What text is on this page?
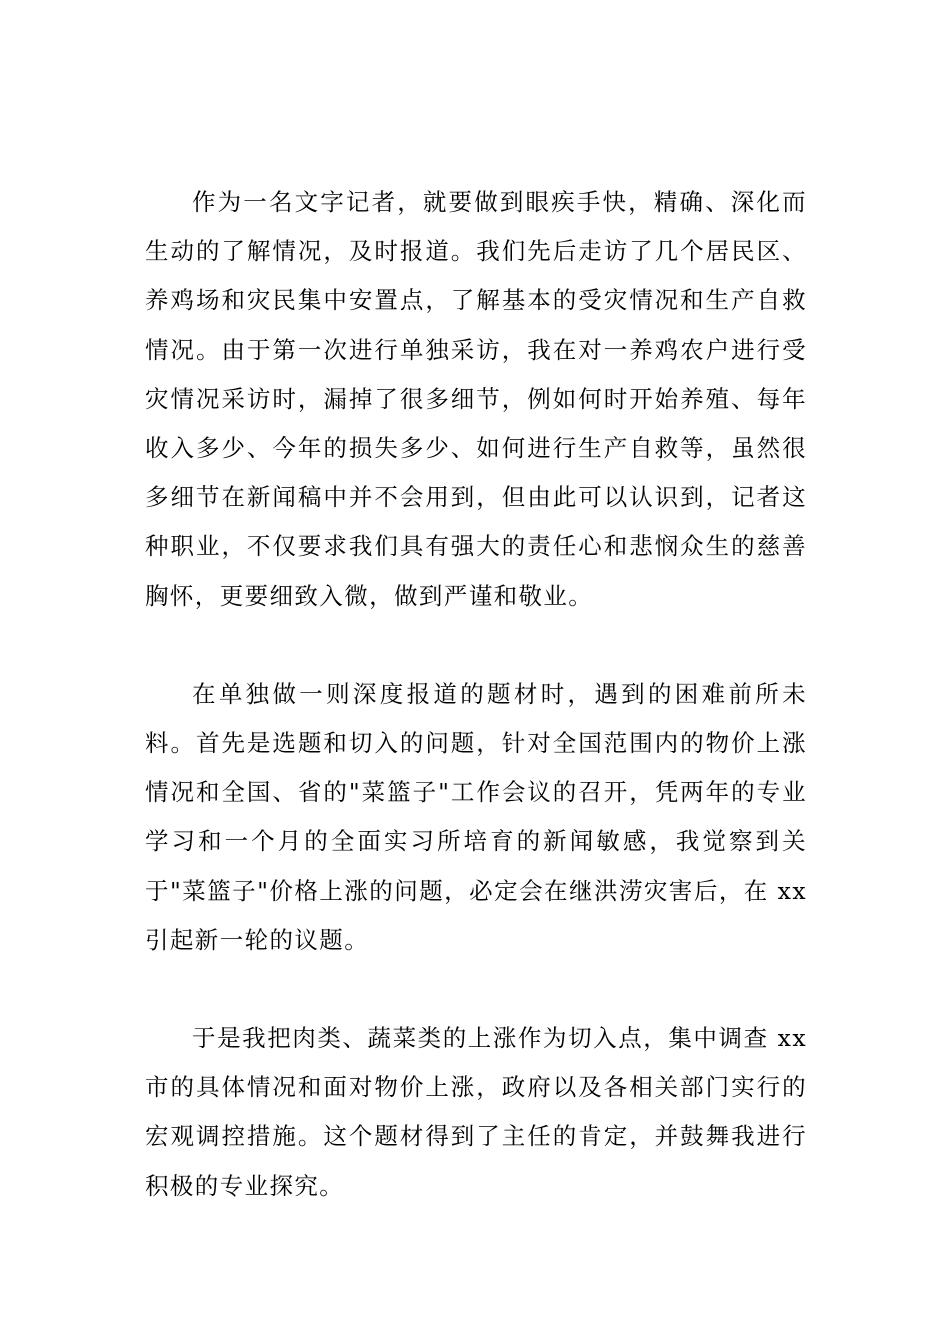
作为一名文字记者，就要做到眼疾手快，精确、深化而生动的了解情况，及时报道。我们先后走访了几个居民区、养鸡场和灾民集中安置点，了解基本的受灾情况和生产自救情况。由于第一次进行单独采访，我在对一养鸡农户进行受灾情况采访时，漏掉了很多细节，例如何时开始养殖、每年收入多少、今年的损失多少、如何进行生产自救等，虽然很多细节在新闻稿中并不会用到，但由此可以认识到，记者这种职业，不仅要求我们具有强大的责任心和悲悯众生的慈善胸怀，更要细致入微，做到严谨和敬业。

在单独做一则深度报道的题材时，遇到的困难前所未料。首先是选题和切入的问题，针对全国范围内的物价上涨情况和全国、省的"菜篮子"工作会议的召开，凭两年的专业学习和一个月的全面实习所培育的新闻敏感，我觉察到关于"菜篮子"价格上涨的问题，必定会在继洪涝灾害后，在 xx 引起新一轮的议题。

于是我把肉类、蔬菜类的上涨作为切入点，集中调查 xx 市的具体情况和面对物价上涨，政府以及各相关部门实行的宏观调控措施。这个题材得到了主任的肯定，并鼓舞我进行积极的专业探究。
